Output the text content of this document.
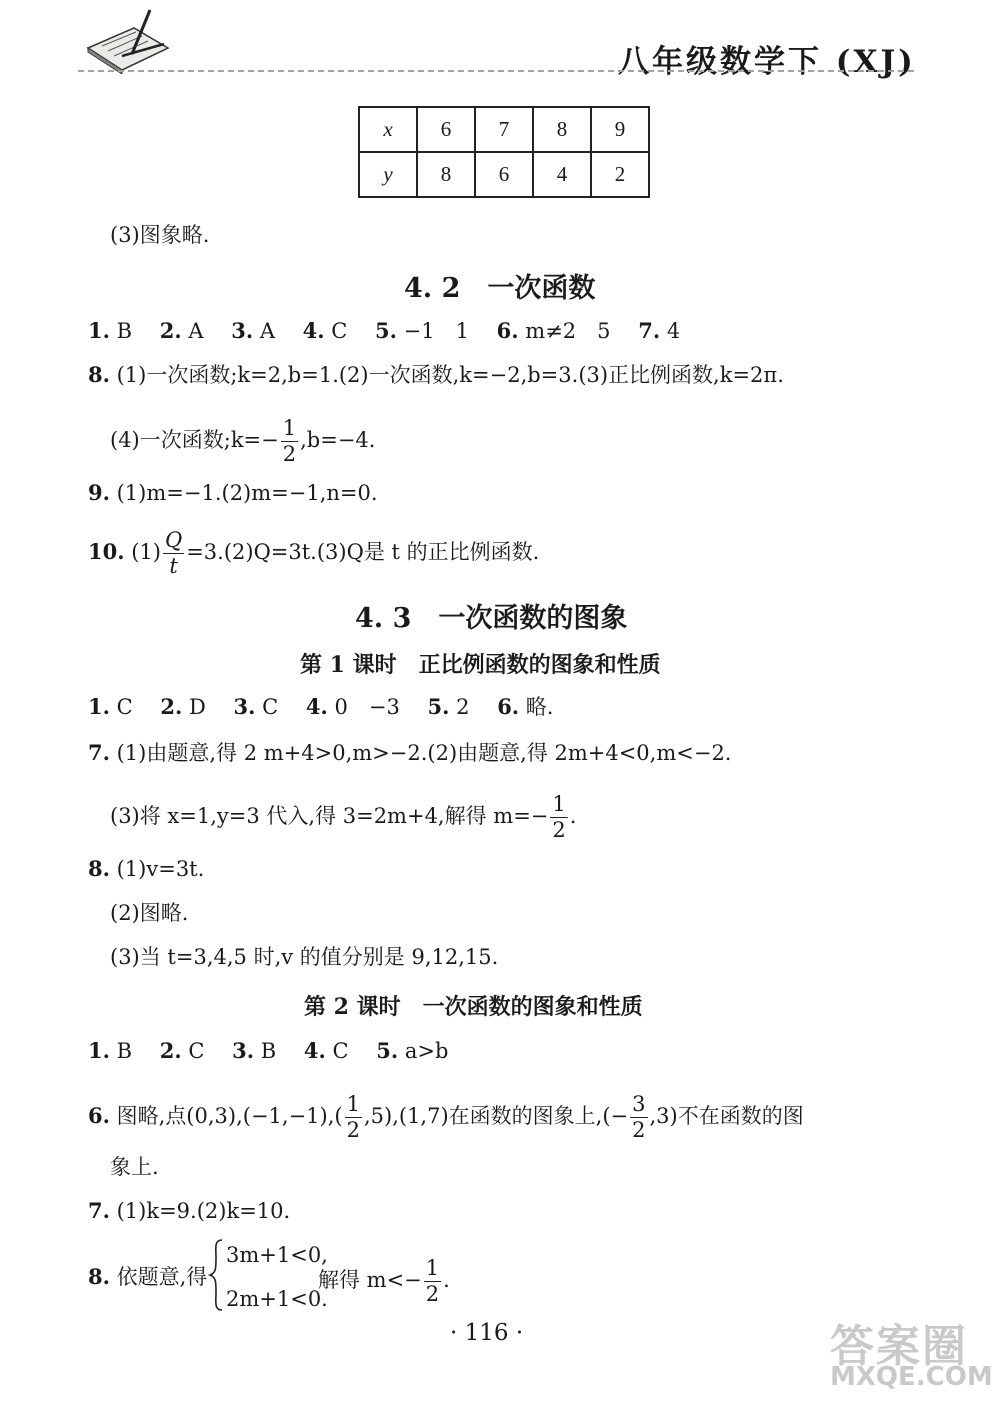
八年级数学下 (XJ)
x	6	7	8	9
y	8	6	4	2
(3)图象略.
4. 2　一次函数
1. B　 2. A　 3. A　 4. C　 5. −1　1　 6. m≠2　5　 7. 4
8. (1)一次函数;k=2,b=1.(2)一次函数,k=−2,b=3.(3)正比例函数,k=2π.
(4)一次函数;k=− $\frac{1}{2} ,b=-4$.
9. (1)m=−1.(2)m=−1,n=0.
10. $(1) \frac{Q}{t} =3.(2)Q=3t.(3)Q$是 t 的正比例函数.
4. 3　一次函数的图象
第 1 课时　正比例函数的图象和性质
1. C　 2. D　 3. C　 4. 0　−3　 5. 2　 6. 略.
7. (1)由题意,得 2 m+4>0,m>−2.(2)由题意,得 2m+4<0,m<−2.
(3)将 x=1,y=3 代入,得 3=2m+4,解得 $m=- \frac{1}{2}$ .
8. (1)v=3t.
(2)图略.
(3)当 t=3,4,5 时,v 的值分别是 9,12,15.
第 2 课时　一次函数的图象和性质
1. B　 2. C　 3. B　 4. C　 5. a>b
6. 图略,点$(0,3),(-1,-1),( \frac{1}{2} ,5),(1,7)$在函数的图象上,(− $\frac{3}{2} ,3$)不在函数的图
象上.
7. (1)k=9.(2)k=10.
8. 依题意,得
3m+1<0,
2m+1<0.
解得 $m<- \frac{1}{2}$ .
· 116 ·	答案圈
MXQE.COM
